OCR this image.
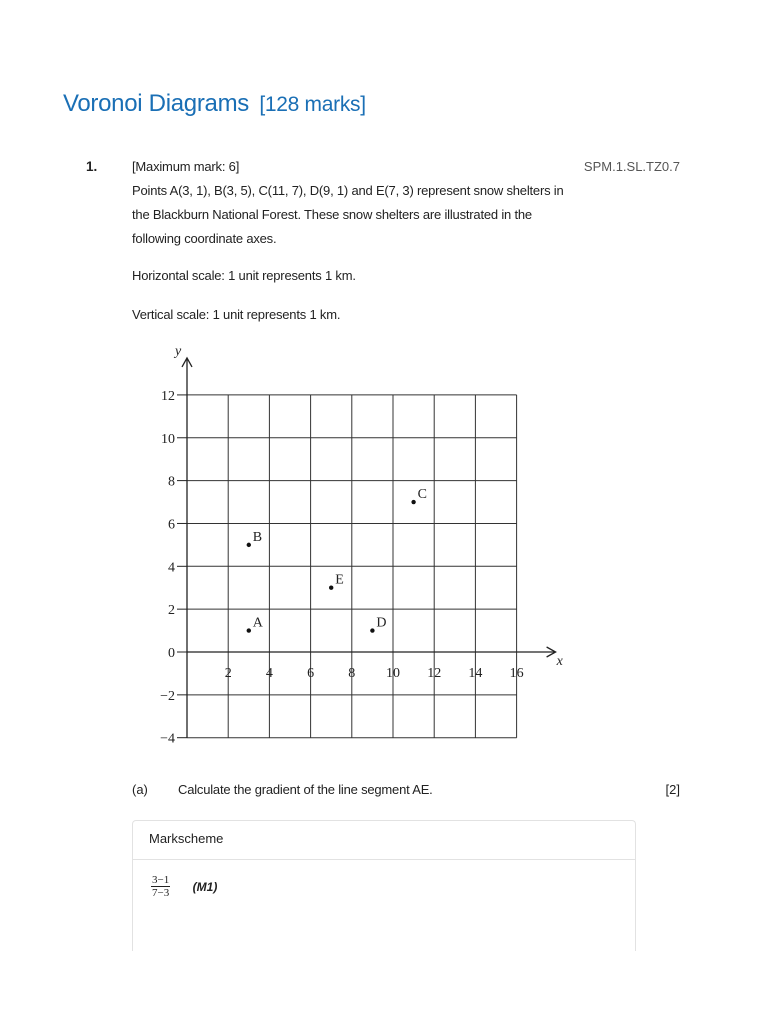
Voronoi Diagrams [128 marks]
1.	SPM.1.SL.TZ0.7
[Maximum mark: 6]
Points A(3, 1), B(3, 5), C(11, 7), D(9, 1) and E(7, 3) represent snow shelters in
the Blackburn National Forest. These snow shelters are illustrated in the
following coordinate axes.
Horizontal scale: 1 unit represents 1 km.
Vertical scale: 1 unit represents 1 km.
y
x
12
10
8
6
4
2
0
−2
−4
2 4 6 8 10 12 14 16
A
B
C
D
E
(a) Calculate the gradient of the line segment AE.	[2]
Markscheme
$\frac{3-1}{7-3} (M1)$
